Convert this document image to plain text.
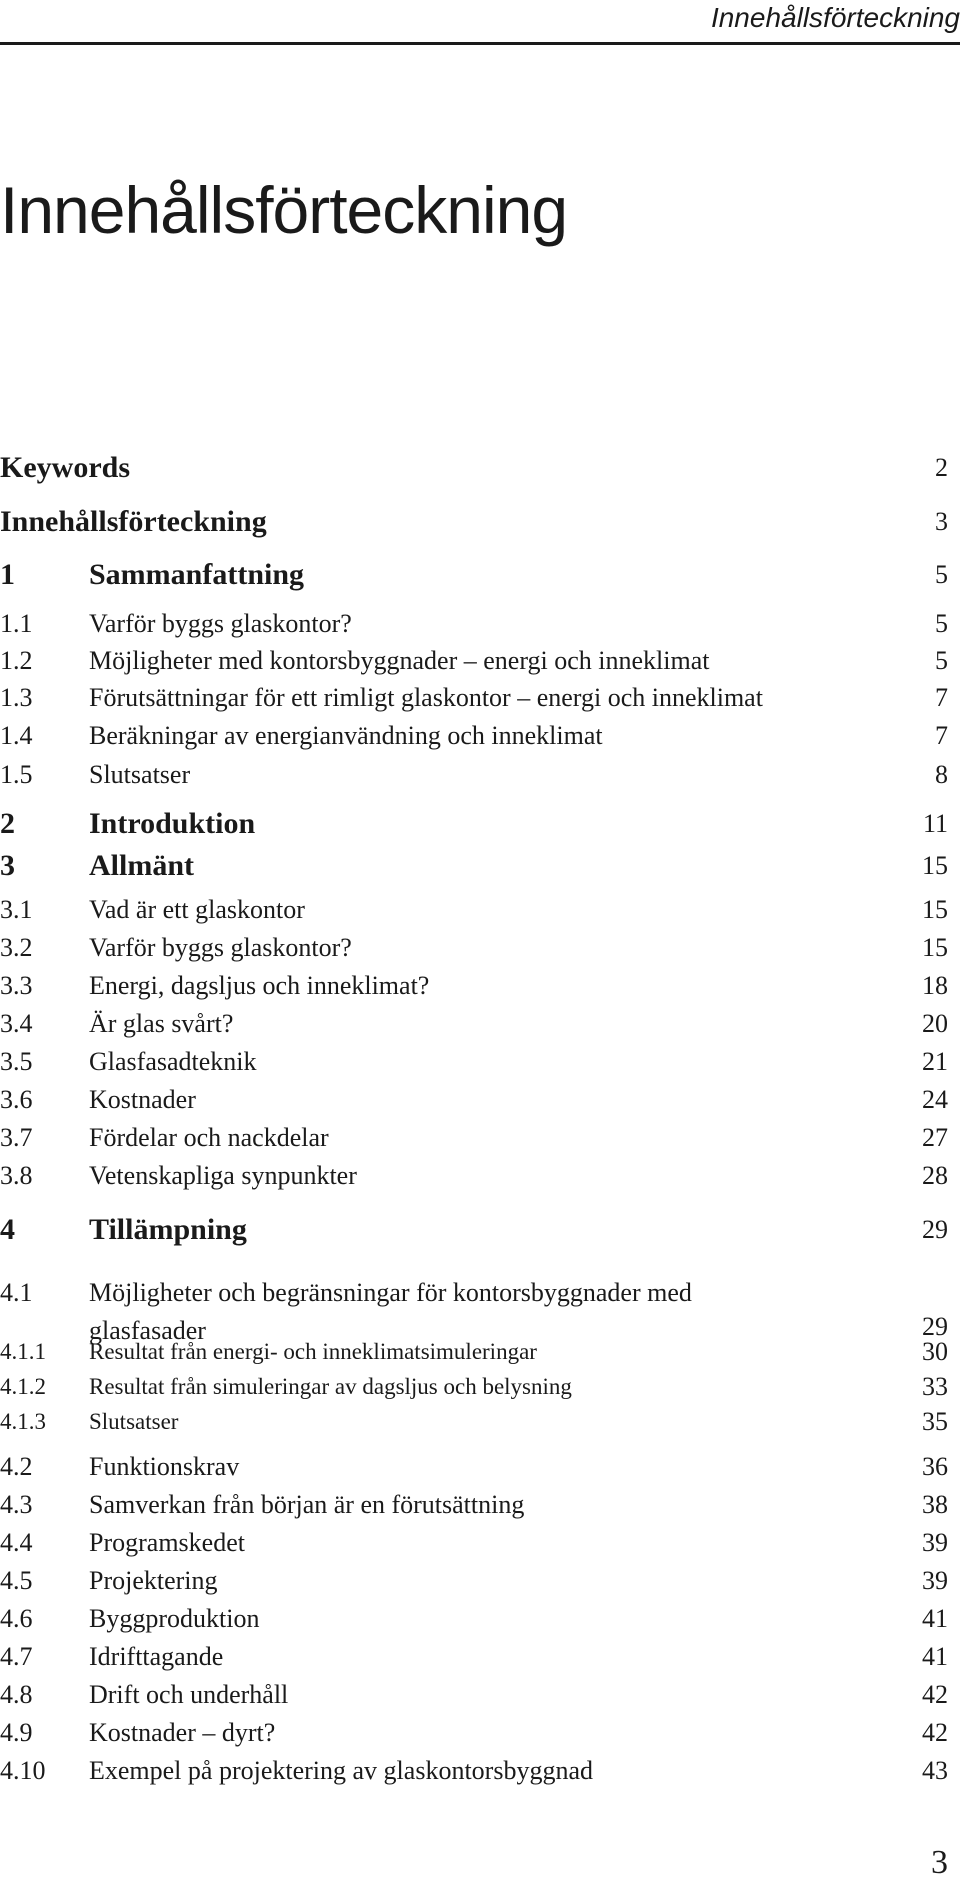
Innehållsförteckning
Innehållsförteckning
Keywords	2
Innehållsförteckning	3
1 Sammanfattning	5
1.1 Varför byggs glaskontor?	5
1.2 Möjligheter med kontorsbyggnader – energi och inneklimat	5
1.3 Förutsättningar för ett rimligt glaskontor – energi och inneklimat	7
1.4 Beräkningar av energianvändning och inneklimat	7
1.5 Slutsatser	8
2 Introduktion	11
3 Allmänt	15
3.1 Vad är ett glaskontor	15
3.2 Varför byggs glaskontor?	15
3.3 Energi, dagsljus och inneklimat?	18
3.4 Är glas svårt?	20
3.5 Glasfasadteknik	21
3.6 Kostnader	24
3.7 Fördelar och nackdelar	27
3.8 Vetenskapliga synpunkter	28
4 Tillämpning	29
4.1 Möjligheter och begränsningar för kontorsbyggnader med glasfasader	29
4.1.1 Resultat från energi- och inneklimatsimuleringar	30
4.1.2 Resultat från simuleringar av dagsljus och belysning	33
4.1.3 Slutsatser	35
4.2 Funktionskrav	36
4.3 Samverkan från början är en förutsättning	38
4.4 Programskedet	39
4.5 Projektering	39
4.6 Byggproduktion	41
4.7 Idrifttagande	41
4.8 Drift och underhåll	42
4.9 Kostnader – dyrt?	42
4.10 Exempel på projektering av glaskontorsbyggnad	43
3
